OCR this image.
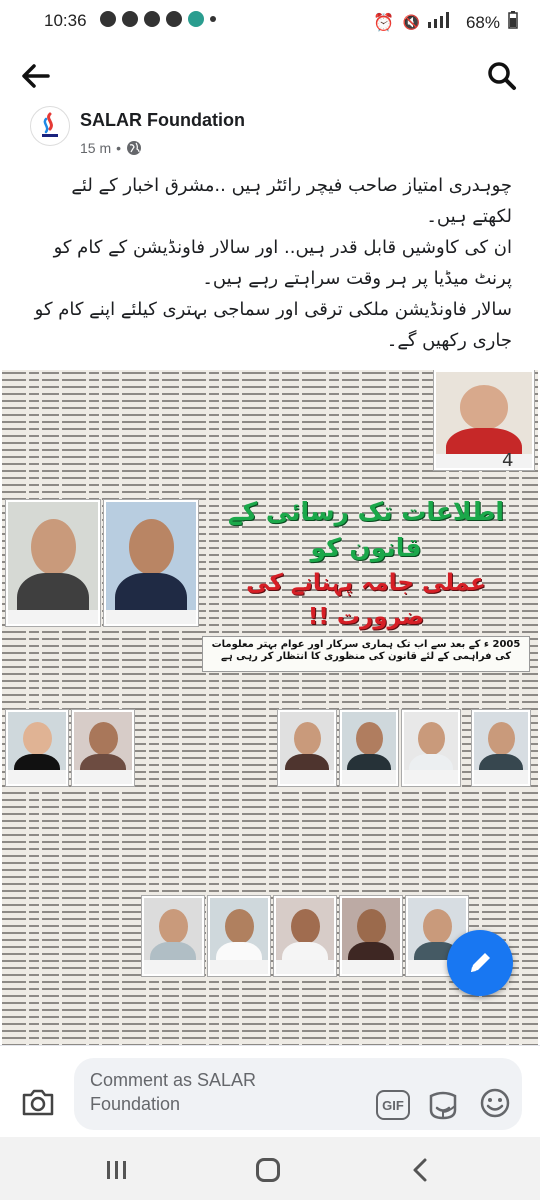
10:36	⏰ 🔇	68%
SALAR Foundation
15 m •

چوہدری امتیاز صاحب فیچر رائٹر ہیں ..مشرق اخبار کے لئے لکھتے ہیں۔

ان کی کاوشیں قابل قدر ہیں.. اور سالار فاونڈیشن کے کام کو پرنٹ میڈیا پر ہر وقت سراہتے رہے ہیں۔

سالار فاونڈیشن ملکی ترقی اور سماجی بہتری کیلئے اپنے کام کو جاری رکھیں گے۔

4
اطلاعات تک رسائی کے قانون کو
عملی جامہ پہنانے کی ضرورت !!
2005 ء کے بعد سے اب تک ہماری سرکار اور عوام بہتر معلومات کی فراہمی کے لئے قانون کی منظوری کا انتظار کر رہی ہے
Comment as SALAR Foundation	GIF
